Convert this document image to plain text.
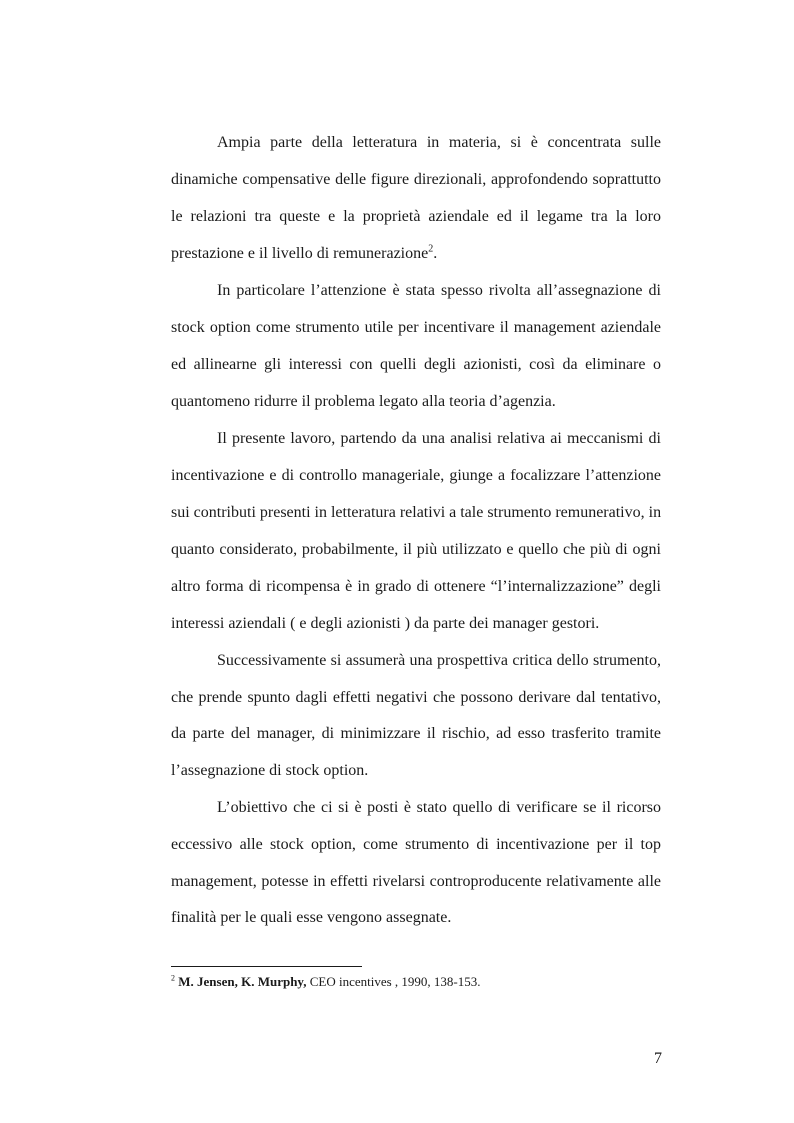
Ampia parte della letteratura in materia, si è concentrata sulle
dinamiche compensative delle figure direzionali, approfondendo soprattutto
le relazioni tra queste e la proprietà aziendale ed il legame tra la loro
prestazione e il livello di remunerazione$^2$.
In particolare l’attenzione è stata spesso rivolta all’assegnazione di
stock option come strumento utile per incentivare il management aziendale
ed allinearne gli interessi con quelli degli azionisti, così da eliminare o
quantomeno ridurre il problema legato alla teoria d’agenzia.
Il presente lavoro, partendo da una analisi relativa ai meccanismi di
incentivazione e di controllo manageriale, giunge a focalizzare l’attenzione
sui contributi presenti in letteratura relativi a tale strumento remunerativo, in
quanto considerato, probabilmente, il più utilizzato e quello che più di ogni
altro forma di ricompensa è in grado di ottenere “l’internalizzazione” degli
interessi aziendali ( e degli azionisti ) da parte dei manager gestori.
Successivamente si assumerà una prospettiva critica dello strumento,
che prende spunto dagli effetti negativi che possono derivare dal tentativo,
da parte del manager, di minimizzare il rischio, ad esso trasferito tramite
l’assegnazione di stock option.
L’obiettivo che ci si è posti è stato quello di verificare se il ricorso
eccessivo alle stock option, come strumento di incentivazione per il top
management, potesse in effetti rivelarsi controproducente relativamente alle
finalità per le quali esse vengono assegnate.
$^2$ M. Jensen, K. Murphy, CEO incentives , 1990, 138-153.
7
